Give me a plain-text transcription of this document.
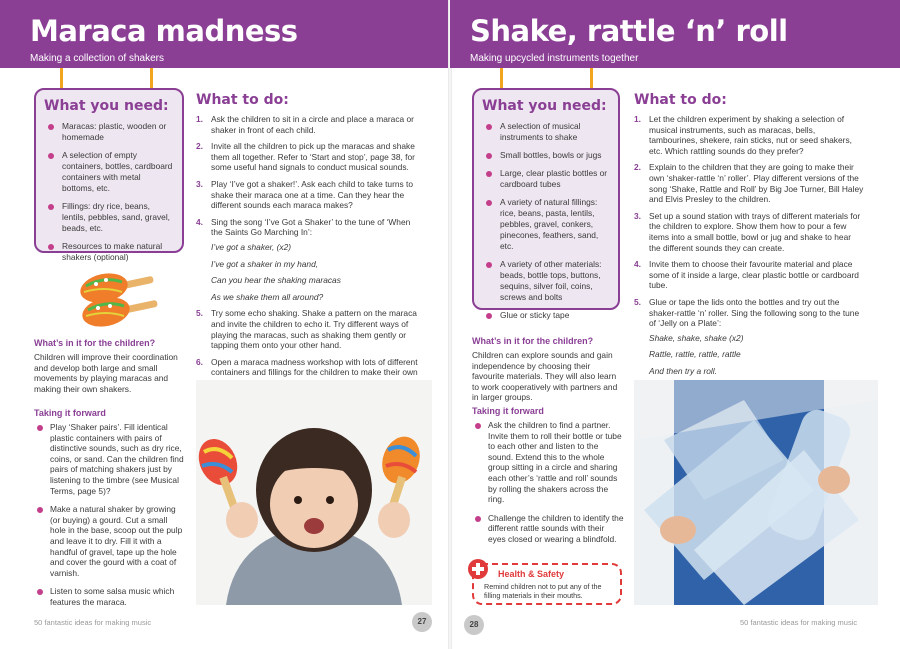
Maraca madness
Making a collection of shakers
What you need:
Maracas: plastic, wooden or homemade
A selection of empty containers, bottles, cardboard containers with metal bottoms, etc.
Fillings: dry rice, beans, lentils, pebbles, sand, gravel, beads, etc.
Resources to make natural shakers (optional)
What to do:
1. Ask the children to sit in a circle and place a maraca or shaker in front of each child.
2. Invite all the children to pick up the maracas and shake them all together. Refer to ‘Start and stop’, page 38, for some useful hand signals to conduct musical sounds.
3. Play ‘I’ve got a shaker!’. Ask each child to take turns to shake their maraca one at a time. Can they hear the different sounds each maraca makes?
4. Sing the song ‘I’ve Got a Shaker’ to the tune of ‘When the Saints Go Marching In’:
I’ve got a shaker, (x2)
I’ve got a shaker in my hand,
Can you hear the shaking maracas
As we shake them all around?
5. Try some echo shaking. Shake a pattern on the maraca and invite the children to echo it. Try different ways of playing the maracas, such as shaking them gently or tapping them onto your other hand.
6. Open a maraca madness workshop with lots of different containers and fillings for the children to make their own
What’s in it for the children?

Children will improve their coordination and develop both large and small movements by playing maracas and making their own shakers.

Taking it forward
Play ‘Shaker pairs’. Fill identical plastic containers with pairs of distinctive sounds, such as dry rice, coins, or sand. Can the children find pairs of matching shakers just by listening to the timbre (see Musical Terms, page 5)?
Make a natural shaker by growing (or buying) a gourd. Cut a small hole in the base, scoop out the pulp and leave it to dry. Fill it with a handful of gravel, tape up the hole and cover the gourd with a coat of varnish.
Listen to some salsa music which features the maraca.
50 fantastic ideas for making music	27
Shake, rattle ‘n’ roll
Making upcycled instruments together
What you need:
A selection of musical instruments to shake
Small bottles, bowls or jugs
Large, clear plastic bottles or cardboard tubes
A variety of natural fillings: rice, beans, pasta, lentils, pebbles, gravel, conkers, pinecones, feathers, sand, etc.
A variety of other materials: beads, bottle tops, buttons, sequins, silver foil, coins, screws and bolts
Glue or sticky tape
What to do:
1. Let the children experiment by shaking a selection of musical instruments, such as maracas, bells, tambourines, shekere, rain sticks, nut or seed shakers, etc. Which rattling sounds do they prefer?
2. Explain to the children that they are going to make their own ‘shaker-rattle ‘n’ roller’. Play different versions of the song ‘Shake, Rattle and Roll’ by Big Joe Turner, Bill Haley and Elvis Presley to the children.
3. Set up a sound station with trays of different materials for the children to explore. Show them how to pour a few items into a small bottle, bowl or jug and shake to hear the different sounds they can create.
4. Invite them to choose their favourite material and place some of it inside a large, clear plastic bottle or cardboard tube.
5. Glue or tape the lids onto the bottles and try out the shaker-rattle ‘n’ roller. Sing the following song to the tune of ‘Jelly on a Plate’:
Shake, shake, shake (x2)
Rattle, rattle, rattle, rattle
And then try a roll.
What’s in it for the children?

Children can explore sounds and gain independence by choosing their favourite materials. They will also learn to work cooperatively with partners and in larger groups.

Taking it forward
Ask the children to find a partner. Invite them to roll their bottle or tube to each other and listen to the sound. Extend this to the whole group sitting in a circle and sharing each other’s ‘rattle and roll’ sounds by rolling the shakers across the ring.
Challenge the children to identify the different rattle sounds with their eyes closed or wearing a blindfold.
Health & Safety

Remind children not to put any of the filling materials in their mouths.

28	50 fantastic ideas for making music
